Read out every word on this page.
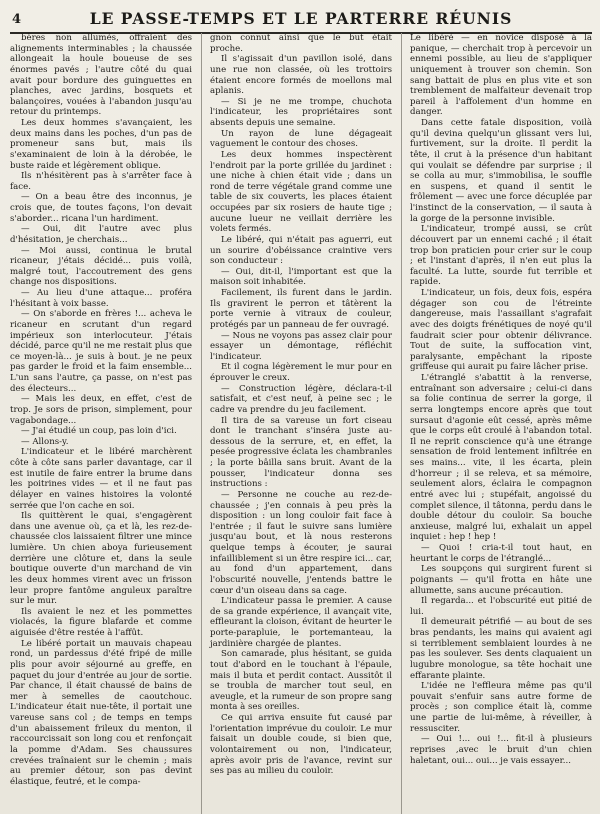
4	LE PASSE-TEMPS ET LE PARTERRE RÉUNIS

bères non allumés, offraient des alignements interminables ; la chaussée allongeait la houle boueuse de ses énormes pavés ; l'autre côté du quai avait pour bordure des guinguettes en planches, avec jardins, bosquets et balançoires, vouées à l'abandon jusqu'au retour du printemps.

Les deux hommes s'avançaient, les deux mains dans les poches, d'un pas de promeneur sans but, mais ils s'examinaient de loin à la dérobée, le buste raide et légèrement oblique.

Ils n'hésitèrent pas à s'arrêter face à face.

— On a beau être des inconnus, je crois que, de toutes façons, l'on devait s'aborder... ricana l'un hardiment.

— Oui, dit l'autre avec plus d'hésitation, je cherchais...

— Moi aussi, continua le brutal ricaneur, j'étais décidé... puis voilà, malgré tout, l'accoutrement des gens change nos dispositions.

— Au lieu d'une attaque... proféra l'hésitant à voix basse.

— On s'aborde en frères !... acheva le ricaneur en scrutant d'un regard impérieux son interlocuteur. J'étais décidé, parce qu'il ne me restait plus que ce moyen-là... je suis à bout. je ne peux pas garder le froid et la faim ensemble... L'un sans l'autre, ça passe, on n'est pas des électeurs...

— Mais les deux, en effet, c'est de trop. Je sors de prison, simplement, pour vagabondage...

— J'ai étudié un coup, pas loin d'ici.

— Allons-y.

L'indicateur et le libéré marchèrent côte à côte sans parler davantage, car il est inutile de faire entrer la brume dans les poitrines vides — et il ne faut pas délayer en vaines histoires la volonté serrée que l'on cache en soi.

Ils quittèrent le quai, s'engagèrent dans une avenue où, ça et là, les rez-de-chaussée clos laissaient filtrer une mince lumière. Un chien aboya furieusement derrière une clôture et, dans la seule boutique ouverte d'un marchand de vin les deux hommes virent avec un frisson leur propre fantôme anguleux paraître sur le mur.

Ils avaient le nez et les pommettes violacés, la figure blafarde et comme aiguisée d'être restée à l'affût.

Le libéré portait un mauvais chapeau rond, un pardessus d'été fripé de mille plis pour avoir séjourné au greffe, en paquet du jour d'entrée au jour de sortie. Par chance, il était chaussé de bains de mer à semelles de caoutchouc. L'indicateur était nue-tête, il portait une vareuse sans col ; de temps en temps d'un abaissement frileux du menton, il raccourcissait son long cou et renfonçait la pomme d'Adam. Ses chaussures crevées traînaient sur le chemin ; mais au premier détour, son pas devint élastique, feutré, et le compa-

gnon connut ainsi que le but était proche.

Il s'agissait d'un pavillon isolé, dans une rue non classée, où les trottoirs étaient encore formés de moellons mal aplanis.

— Si je ne me trompe, chuchota l'indicateur, les propriétaires sont absents depuis une semaine.

Un rayon de lune dégageait vaguement le contour des choses.

Les deux hommes inspectèrent l'endroit par la porte grillée du jardinet : une niche à chien était vide ; dans un rond de terre végétale grand comme une table de six couverts, les places étaient occupées par six rosiers de haute tige ; aucune lueur ne veillait derrière les volets fermés.

Le libéré, qui n'était pas aguerri, eut un sourire d'obéissance craintive vers son conducteur :

— Oui, dit-il, l'important est que la maison soit inhabitée.

Facilement, ils furent dans le jardin. Ils gravirent le perron et tâtèrent la porte vernie à vitraux de couleur, protégés par un panneau de fer ouvragé.

— Nous ne voyons pas assez clair pour essayer un démontage, réfléchit l'indicateur.

Et il cogna légèrement le mur pour en éprouver le creux.

— Construction légère, déclara-t-il satisfait, et c'est neuf, à peine sec ; le cadre va prendre du jeu facilement.

Il tira de sa vareuse un fort ciseau dont le tranchant s'inséra juste au-dessous de la serrure, et, en effet, la pesée progressive éclata les chambranles ; la porte bâilla sans bruit. Avant de la pousser, l'indicateur donna ses instructions :

— Personne ne couche au rez-de-chaussée ; j'en connais à peu près la disposition : un long couloir fait face à l'entrée ; il faut le suivre sans lumière jusqu'au bout, et là nous resterons quelque temps à écouter, je saurai infailliblement si un être respire ici... car, au fond d'un appartement, dans l'obscurité nouvelle, j'entends battre le cœur d'un oiseau dans sa cage.

L'indicateur passa le premier. A cause de sa grande expérience, il avançait vite, effleurant la cloison, évitant de heurter le porte-parapluie, le portemanteau, la jardinière chargée de plantes.

Son camarade, plus hésitant, se guida tout d'abord en le touchant à l'épaule, mais il buta et perdit contact. Aussitôt il se troubla de marcher tout seul, en aveugle, et la rumeur de son propre sang monta à ses oreilles.

Ce qui arriva ensuite fut causé par l'orientation imprévue du couloir. Le mur faisait un double coude, si bien que, volontairement ou non, l'indicateur, après avoir pris de l'avance, revint sur ses pas au milieu du couloir.

Le libéré — en novice disposé à la panique, — cherchait trop à percevoir un ennemi possible, au lieu de s'appliquer uniquement à trouver son chemin. Son sang battait de plus en plus vite et son tremblement de malfaiteur devenait trop pareil à l'affolement d'un homme en danger.

Dans cette fatale disposition, voilà qu'il devina quelqu'un glissant vers lui, furtivement, sur la droite. Il perdit la tête, il crut à la présence d'un habitant qui voulait se défendre par surprise ; il se colla au mur, s'immobilisa, le souffle en suspens, et quand il sentit le frôlement — avec une force décuplée par l'instinct de la conservation, — il sauta à la gorge de la personne invisible.

L'indicateur, trompé aussi, se crût découvert par un ennemi caché ; il était trop bon praticien pour crier sur le coup ; et l'instant d'après, il n'en eut plus la faculté. La lutte, sourde fut terrible et rapide.

L'indicateur, un fois, deux fois, espéra dégager son cou de l'étreinte dangereuse, mais l'assaillant s'agrafait avec des doigts frénétiques de noyé qu'il faudrait scier pour obtenir délivrance. Tout de suite, la suffocation vint, paralysante, empêchant la riposte griffeuse qui aurait pu faire lâcher prise.

L'étranglé s'abattit à la renverse, entraînant son adversaire ; celui-ci dans sa folie continua de serrer la gorge, il serra longtemps encore après que tout sursaut d'agonie eût cessé, après même que le corps eût croulé à l'abandon total. Il ne reprit conscience qu'à une étrange sensation de froid lentement infiltrée en ses mains... vite, il les écarta, plein d'horreur ; il se releva, et sa mémoire, seulement alors, éclaira le compagnon entré avec lui ; stupéfait, angoissé du complet silence, il tâtonna, perdu dans le double détour du couloir. Sa bouche anxieuse, malgré lui, exhalait un appel inquiet : hep ! hep !

— Quoi ! cria-t-il tout haut, en heurtant le corps de l'étranglé...

Les soupçons qui surgirent furent si poignants — qu'il frotta en hâte une allumette, sans aucune précaution.

Il regarda... et l'obscurité eut pitié de lui.

Il demeurait pétrifié — au bout de ses bras pendants, les mains qui avaient agi si terriblement semblaient lourdes à ne pas les soulever. Ses dents claquaient un lugubre monologue, sa tête hochait une effarante plainte.

L'idée ne l'effleura même pas qu'il pouvait s'enfuir sans autre forme de procès ; son complice était là, comme une partie de lui-même, à réveiller, à ressusciter.

— Oui !... oui !... fit-il à plusieurs reprises ,avec le bruit d'un chien haletant, oui... oui... je vais essayer...
